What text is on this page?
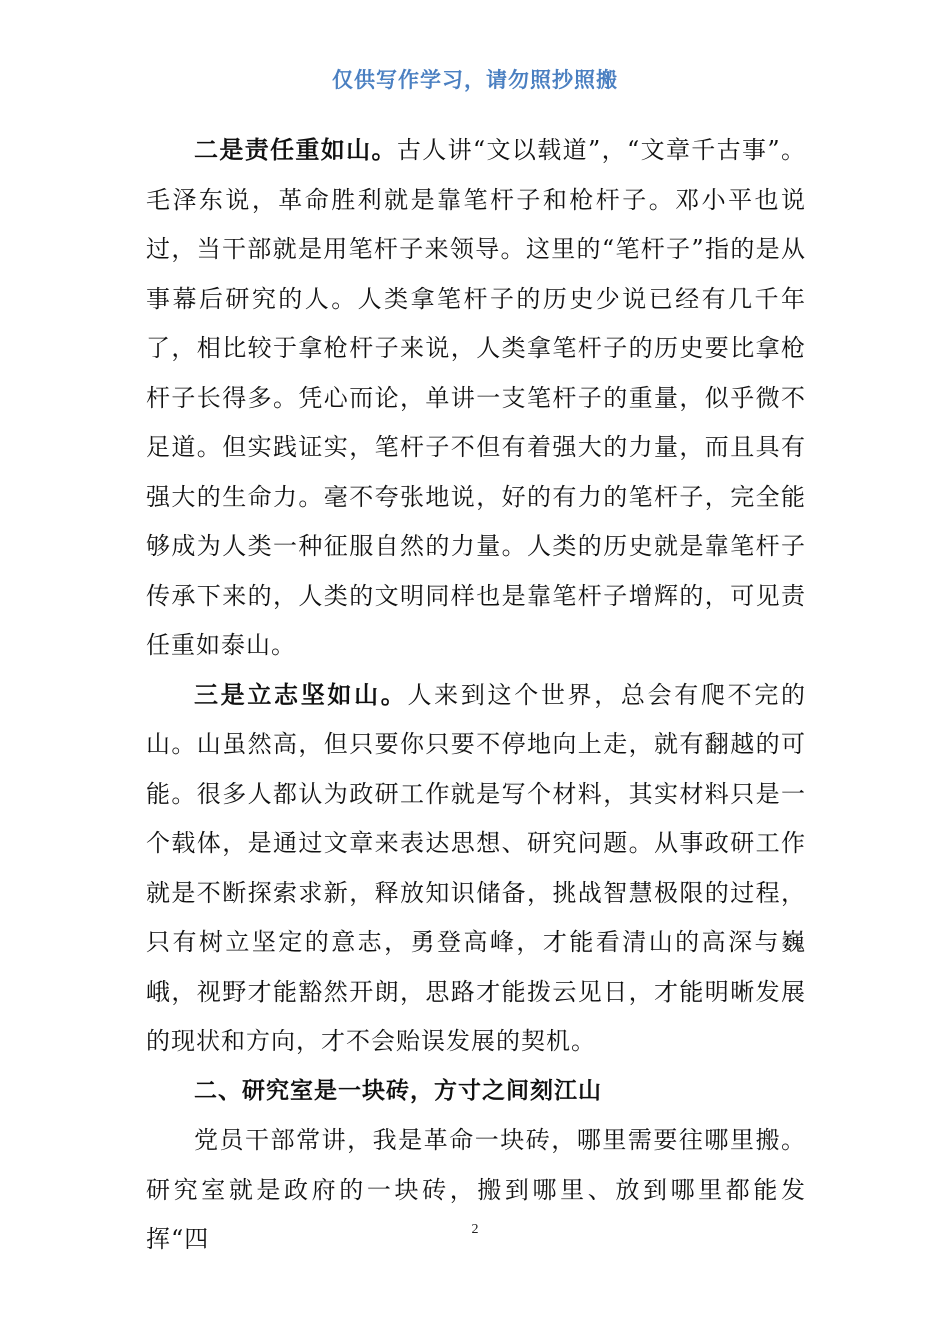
仅供写作学习，请勿照抄照搬

二是责任重如山。古人讲“文以载道”，“文章千古事”。毛泽东说，革命胜利就是靠笔杆子和枪杆子。邓小平也说过，当干部就是用笔杆子来领导。这里的“笔杆子”指的是从事幕后研究的人。人类拿笔杆子的历史少说已经有几千年了，相比较于拿枪杆子来说，人类拿笔杆子的历史要比拿枪杆子长得多。凭心而论，单讲一支笔杆子的重量，似乎微不足道。但实践证实，笔杆子不但有着强大的力量，而且具有强大的生命力。毫不夸张地说，好的有力的笔杆子，完全能够成为人类一种征服自然的力量。人类的历史就是靠笔杆子传承下来的，人类的文明同样也是靠笔杆子增辉的，可见责任重如泰山。

三是立志坚如山。人来到这个世界，总会有爬不完的山。山虽然高，但只要你只要不停地向上走，就有翻越的可能。很多人都认为政研工作就是写个材料，其实材料只是一个载体，是通过文章来表达思想、研究问题。从事政研工作就是不断探索求新，释放知识储备，挑战智慧极限的过程，只有树立坚定的意志，勇登高峰，才能看清山的高深与巍峨，视野才能豁然开朗，思路才能拨云见日，才能明晰发展的现状和方向，才不会贻误发展的契机。

二、研究室是一块砖，方寸之间刻江山

党员干部常讲，我是革命一块砖，哪里需要往哪里搬。研究室就是政府的一块砖，搬到哪里、放到哪里都能发挥“四	2
